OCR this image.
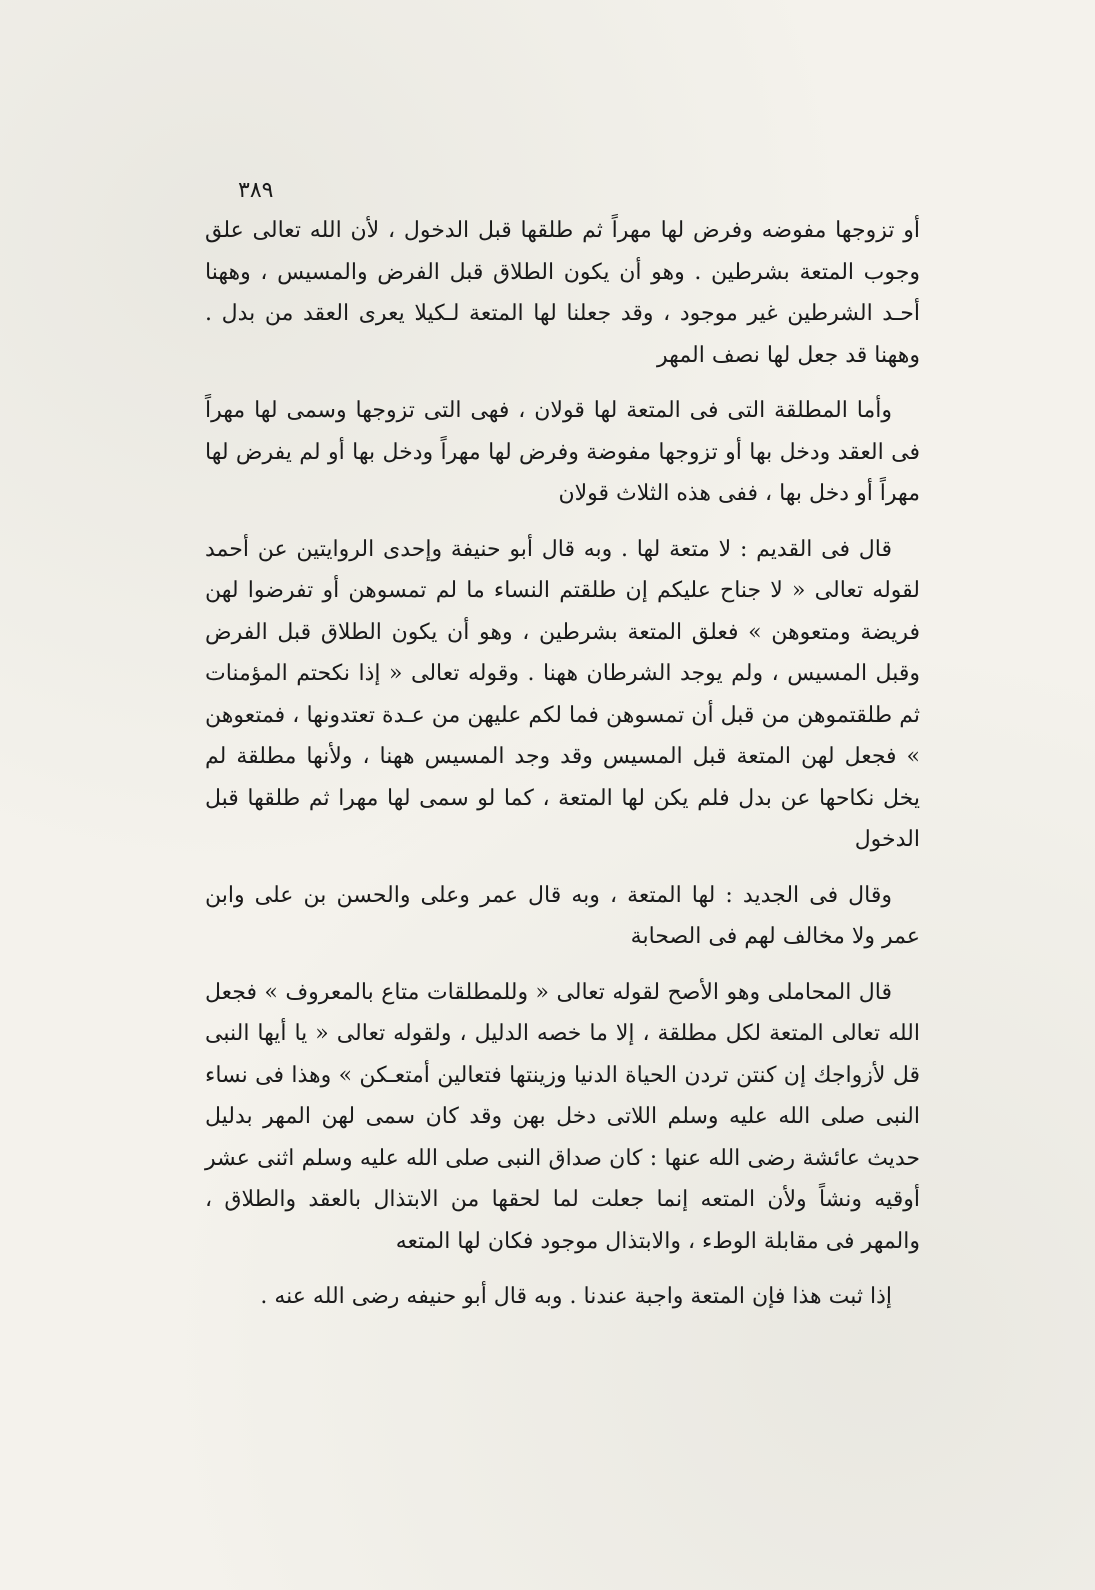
٣٨٩

أو تزوجها مفوضه وفرض لها مهراً ثم طلقها قبل الدخول ، لأن الله تعالى علق وجوب المتعة بشرطين . وهو أن يكون الطلاق قبل الفرض والمسيس ، وههنا أحـد الشرطين غير موجود ، وقد جعلنا لها المتعة لـكيلا يعرى العقد من بدل . وههنا قد جعل لها نصف المهر

وأما المطلقة التى فى المتعة لها قولان ، فهى التى تزوجها وسمى لها مهراً فى العقد ودخل بها أو تزوجها مفوضة وفرض لها مهراً ودخل بها أو لم يفرض لها مهراً أو دخل بها ، ففى هذه الثلاث قولان

قال فى القديم : لا متعة لها . وبه قال أبو حنيفة وإحدى الروايتين عن أحمد لقوله تعالى « لا جناح عليكم إن طلقتم النساء ما لم تمسوهن أو تفرضوا لهن فريضة ومتعوهن » فعلق المتعة بشرطين ، وهو أن يكون الطلاق قبل الفرض وقبل المسيس ، ولم يوجد الشرطان ههنا . وقوله تعالى « إذا نكحتم المؤمنات ثم طلقتموهن من قبل أن تمسوهن فما لكم عليهن من عـدة تعتدونها ، فمتعوهن » فجعل لهن المتعة قبل المسيس وقد وجد المسيس ههنا ، ولأنها مطلقة لم يخل نكاحها عن بدل فلم يكن لها المتعة ، كما لو سمى لها مهرا ثم طلقها قبل الدخول

وقال فى الجديد : لها المتعة ، وبه قال عمر وعلى والحسن بن على وابن عمر ولا مخالف لهم فى الصحابة

قال المحاملى وهو الأصح لقوله تعالى « وللمطلقات متاع بالمعروف » فجعل الله تعالى المتعة لكل مطلقة ، إلا ما خصه الدليل ، ولقوله تعالى « يا أيها النبى قل لأزواجك إن كنتن تردن الحياة الدنيا وزينتها فتعالين أمتعـكن » وهذا فى نساء النبى صلى الله عليه وسلم اللاتى دخل بهن وقد كان سمى لهن المهر بدليل حديث عائشة رضى الله عنها : كان صداق النبى صلى الله عليه وسلم اثنى عشر أوقيه ونشاً ولأن المتعه إنما جعلت لما لحقها من الابتذال بالعقد والطلاق ، والمهر فى مقابلة الوطء ، والابتذال موجود فكان لها المتعه

إذا ثبت هذا فإن المتعة واجبة عندنا . وبه قال أبو حنيفه رضى الله عنه .
